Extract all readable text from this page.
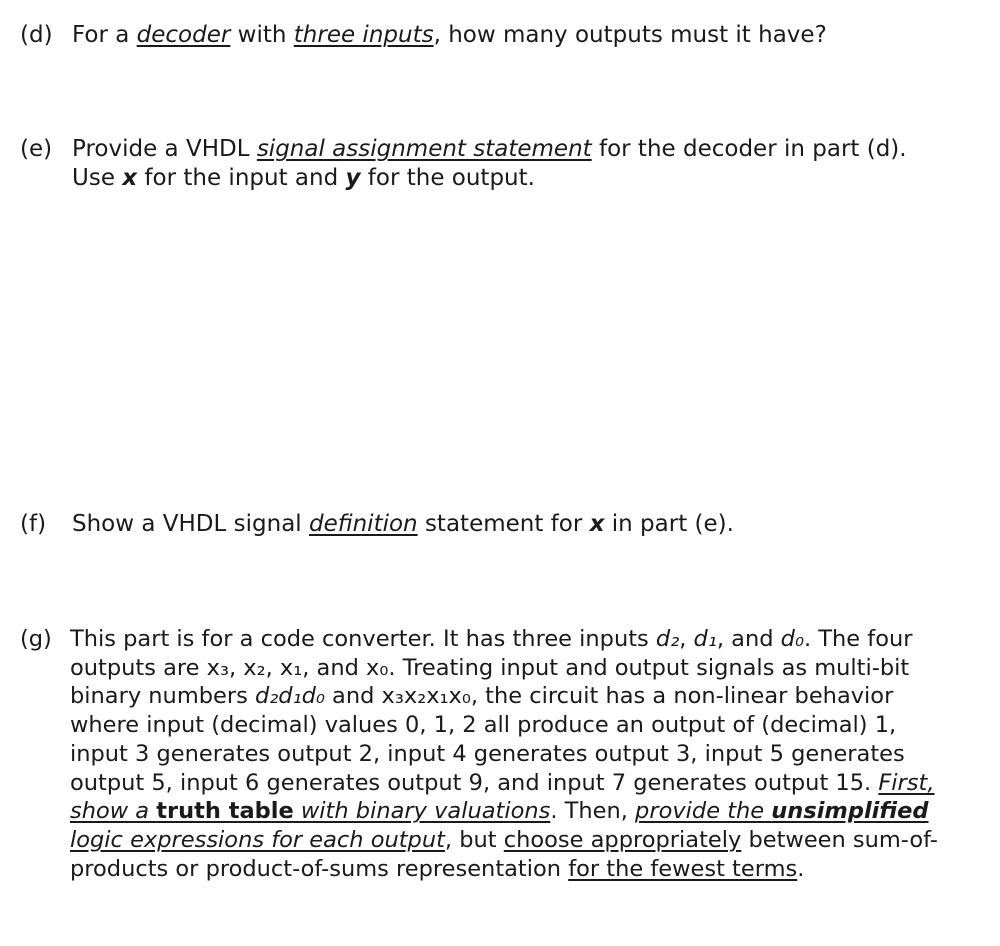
(d) For a decoder with three inputs, how many outputs must it have?
(e) Provide a VHDL signal assignment statement for the decoder in part (d).
Use x for the input and y for the output.
(f) Show a VHDL signal definition statement for x in part (e).
(g) This part is for a code converter. It has three inputs d₂, d₁, and d₀. The four
outputs are x₃, x₂, x₁, and x₀. Treating input and output signals as multi-bit
binary numbers d₂d₁d₀ and x₃x₂x₁x₀, the circuit has a non-linear behavior
where input (decimal) values 0, 1, 2 all produce an output of (decimal) 1,
input 3 generates output 2, input 4 generates output 3, input 5 generates
output 5, input 6 generates output 9, and input 7 generates output 15. First,
show a truth table with binary valuations. Then, provide the unsimplified
logic expressions for each output, but choose appropriately between sum-of-
products or product-of-sums representation for the fewest terms.
